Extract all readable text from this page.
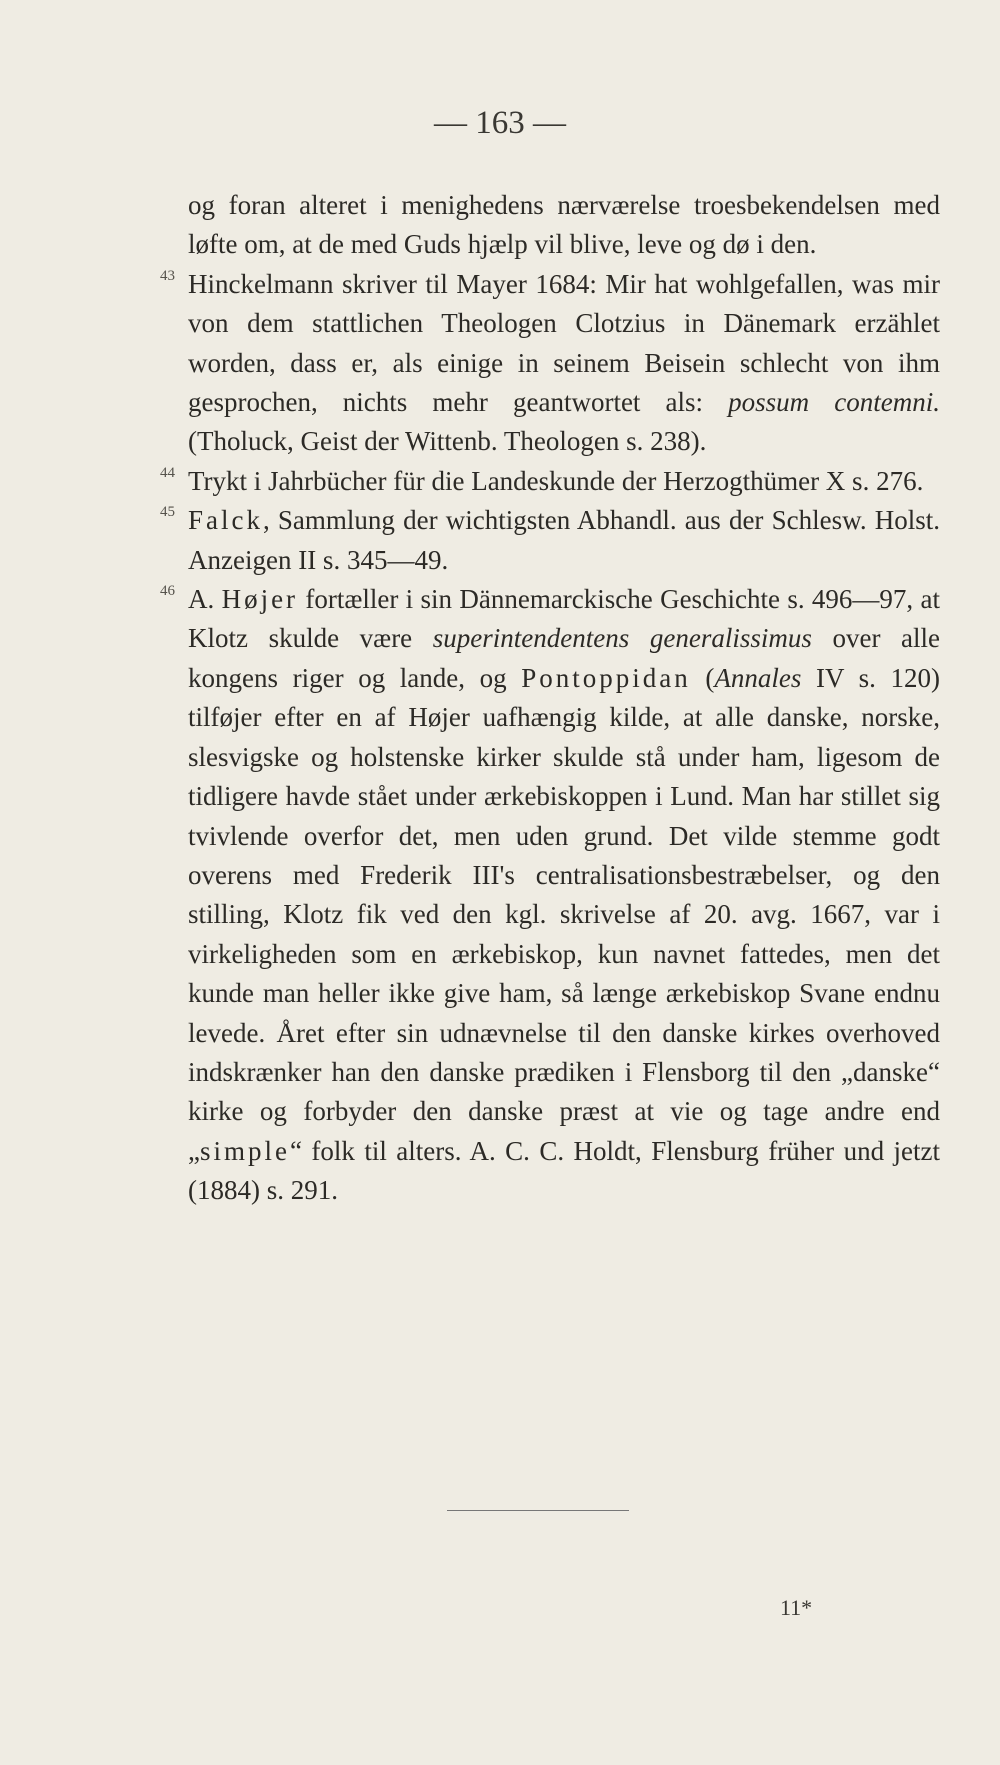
— 163 —

og foran alteret i menighedens nærværelse troesbekendelsen med løfte om, at de med Guds hjælp vil blive, leve og dø i den.

43 Hinckelmann skriver til Mayer 1684: Mir hat wohlgefallen, was mir von dem stattlichen Theologen Clotzius in Dänemark erzählet worden, dass er, als einige in seinem Beisein schlecht von ihm gesprochen, nichts mehr geantwortet als: possum contemni. (Tholuck, Geist der Wittenb. Theologen s. 238).

44 Trykt i Jahrbücher für die Landeskunde der Herzogthümer X s. 276.

45 Falck, Sammlung der wichtigsten Abhandl. aus der Schlesw. Holst. Anzeigen II s. 345—49.

46 A. Højer fortæller i sin Dännemarckische Geschichte s. 496—97, at Klotz skulde være superintendentens generalissimus over alle kongens riger og lande, og Pontoppidan (Annales IV s. 120) tilføjer efter en af Højer uafhængig kilde, at alle danske, norske, slesvigske og holstenske kirker skulde stå under ham, ligesom de tidligere havde stået under ærkebiskoppen i Lund. Man har stillet sig tvivlende overfor det, men uden grund. Det vilde stemme godt overens med Frederik III's centralisationsbestræbelser, og den stilling, Klotz fik ved den kgl. skrivelse af 20. avg. 1667, var i virkeligheden som en ærkebiskop, kun navnet fattedes, men det kunde man heller ikke give ham, så længe ærkebiskop Svane endnu levede. Året efter sin udnævnelse til den danske kirkes overhoved indskrænker han den danske prædiken i Flensborg til den „danske“ kirke og forbyder den danske præst at vie og tage andre end „simple“ folk til alters. A. C. C. Holdt, Flensburg früher und jetzt (1884) s. 291.

11*
